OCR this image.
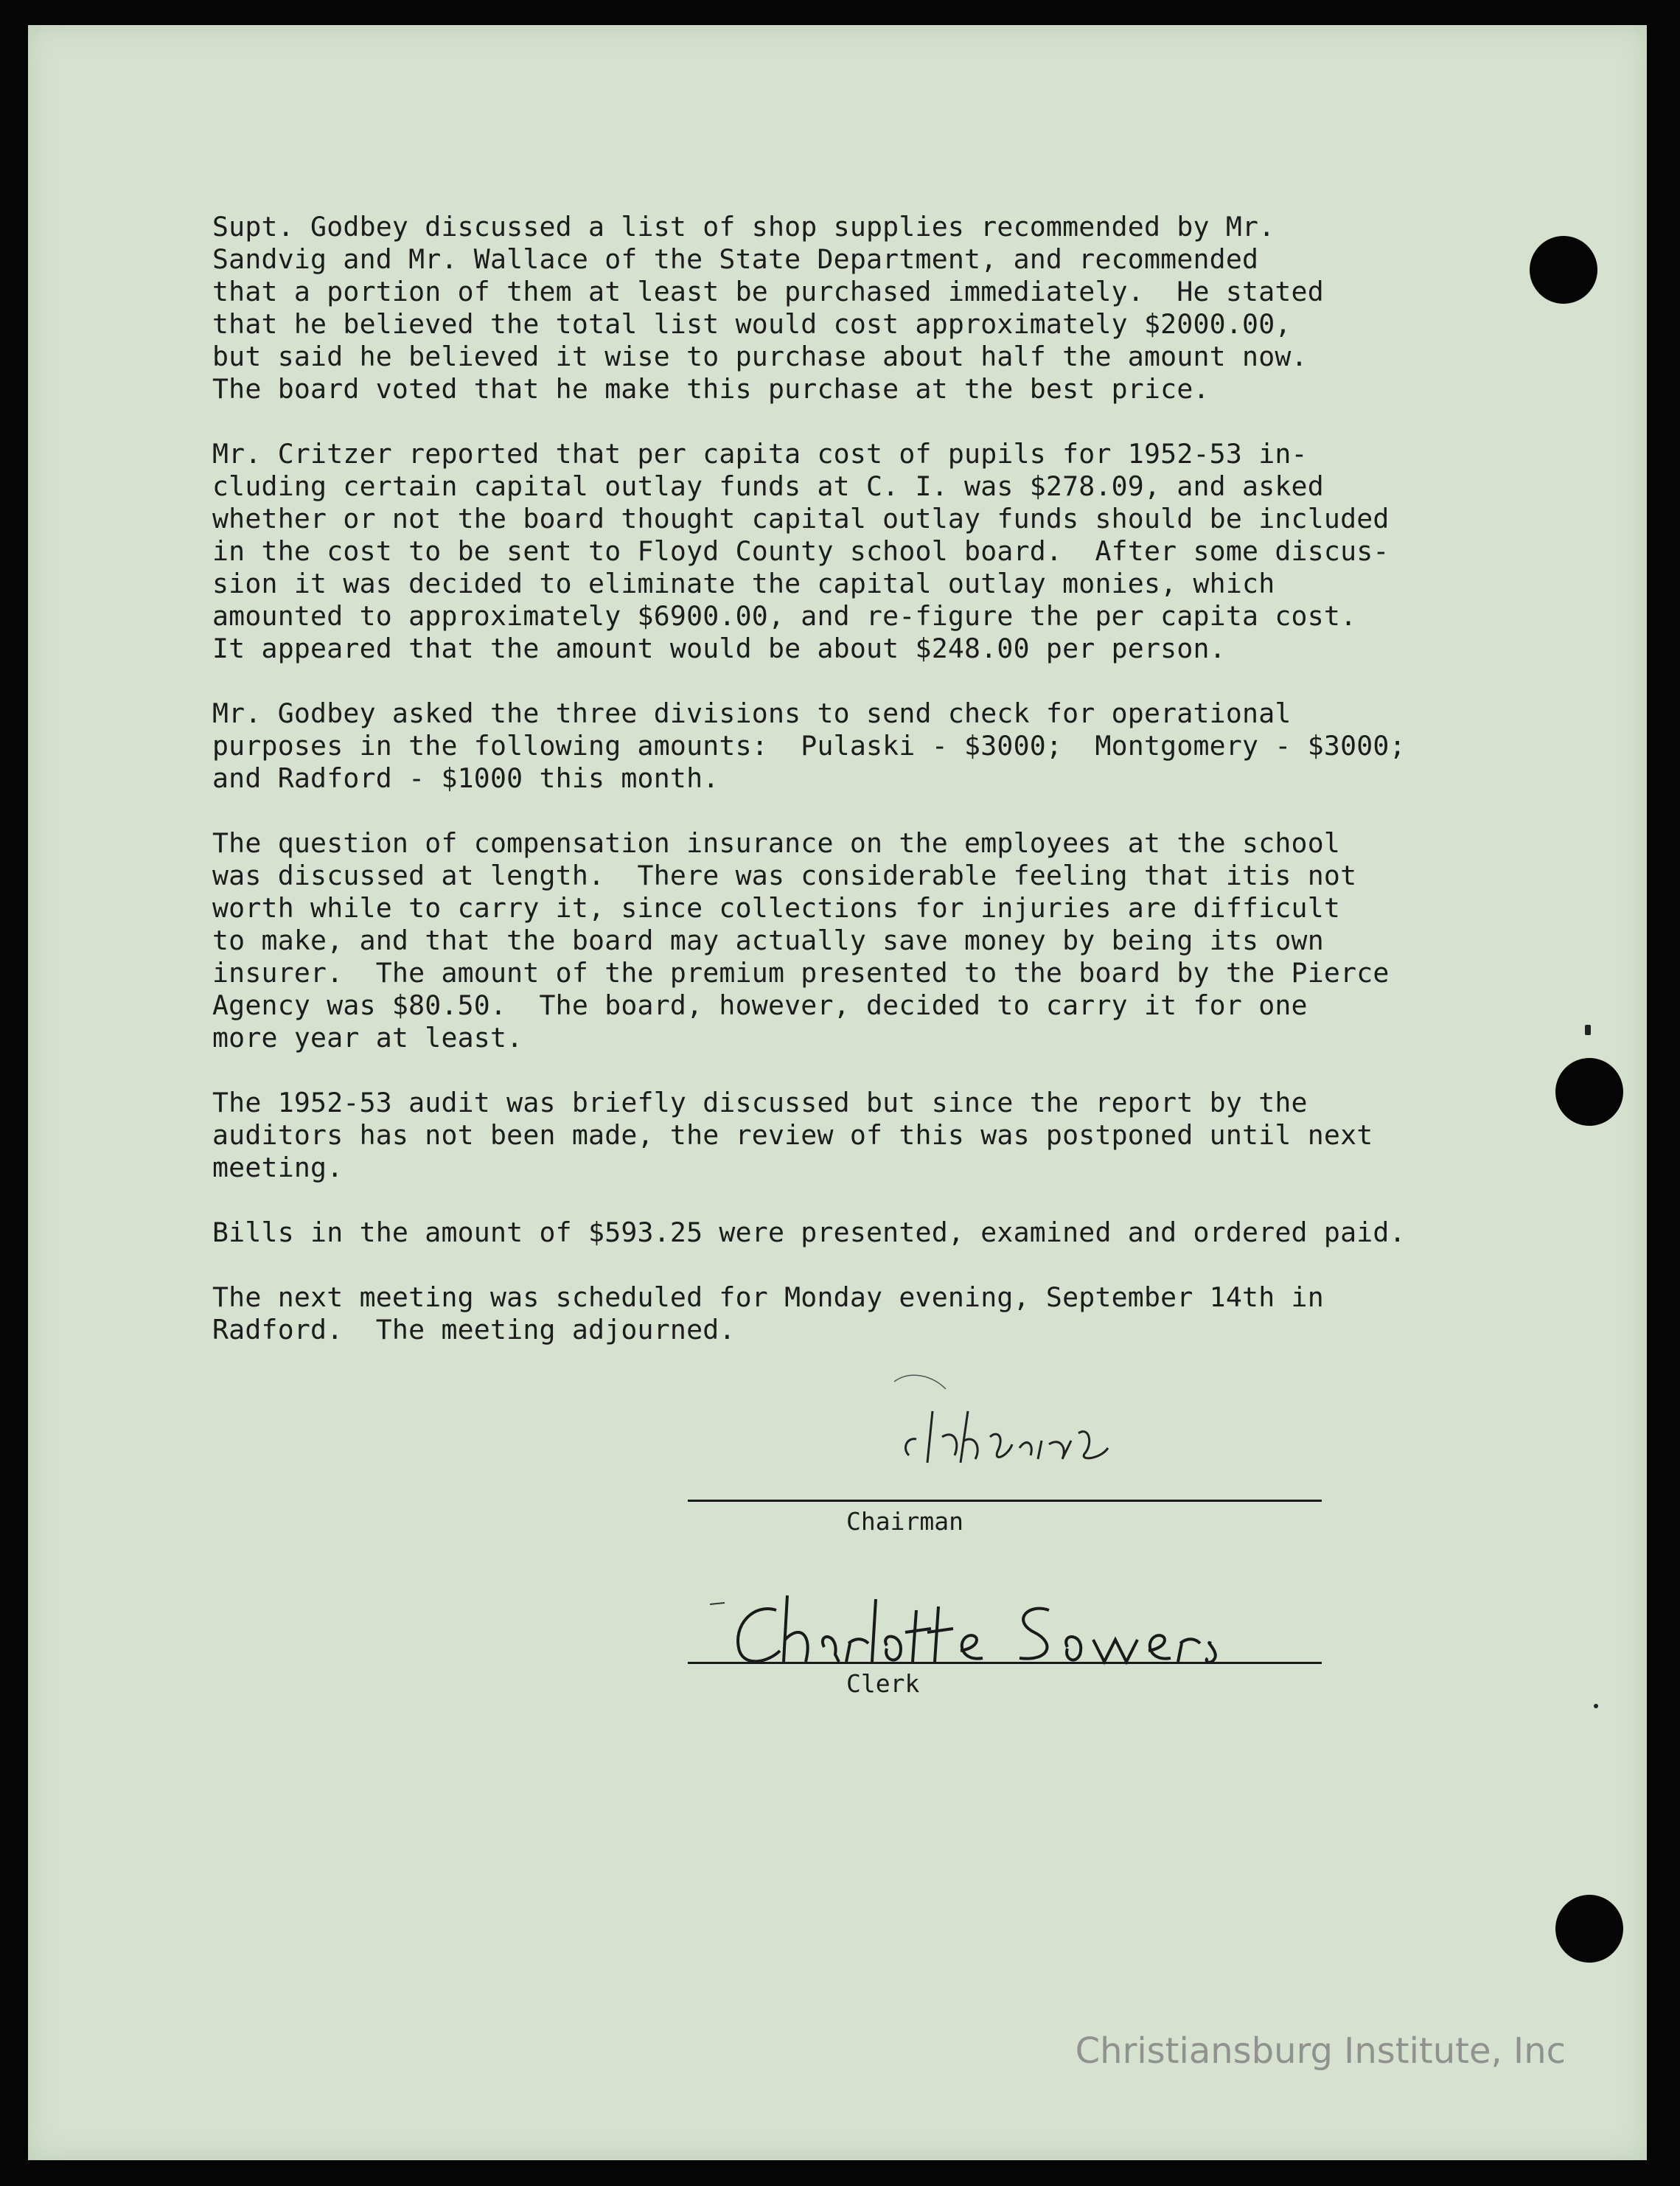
Supt. Godbey discussed a list of shop supplies recommended by Mr.
Sandvig and Mr. Wallace of the State Department, and recommended
that a portion of them at least be purchased immediately.  He stated
that he believed the total list would cost approximately $2000.00,
but said he believed it wise to purchase about half the amount now.
The board voted that he make this purchase at the best price.
Mr. Critzer reported that per capita cost of pupils for 1952-53 in-
cluding certain capital outlay funds at C. I. was $278.09, and asked
whether or not the board thought capital outlay funds should be included
in the cost to be sent to Floyd County school board.  After some discus-
sion it was decided to eliminate the capital outlay monies, which
amounted to approximately $6900.00, and re-figure the per capita cost.
It appeared that the amount would be about $248.00 per person.
Mr. Godbey asked the three divisions to send check for operational
purposes in the following amounts:  Pulaski - $3000;  Montgomery - $3000;
and Radford - $1000 this month.
The question of compensation insurance on the employees at the school
was discussed at length.  There was considerable feeling that itis not
worth while to carry it, since collections for injuries are difficult
to make, and that the board may actually save money by being its own
insurer.  The amount of the premium presented to the board by the Pierce
Agency was $80.50.  The board, however, decided to carry it for one
more year at least.
The 1952-53 audit was briefly discussed but since the report by the
auditors has not been made, the review of this was postponed until next
meeting.
Bills in the amount of $593.25 were presented, examined and ordered paid.
The next meeting was scheduled for Monday evening, September 14th in
Radford.  The meeting adjourned.
Chairman
Clerk
Christiansburg Institute, Inc
